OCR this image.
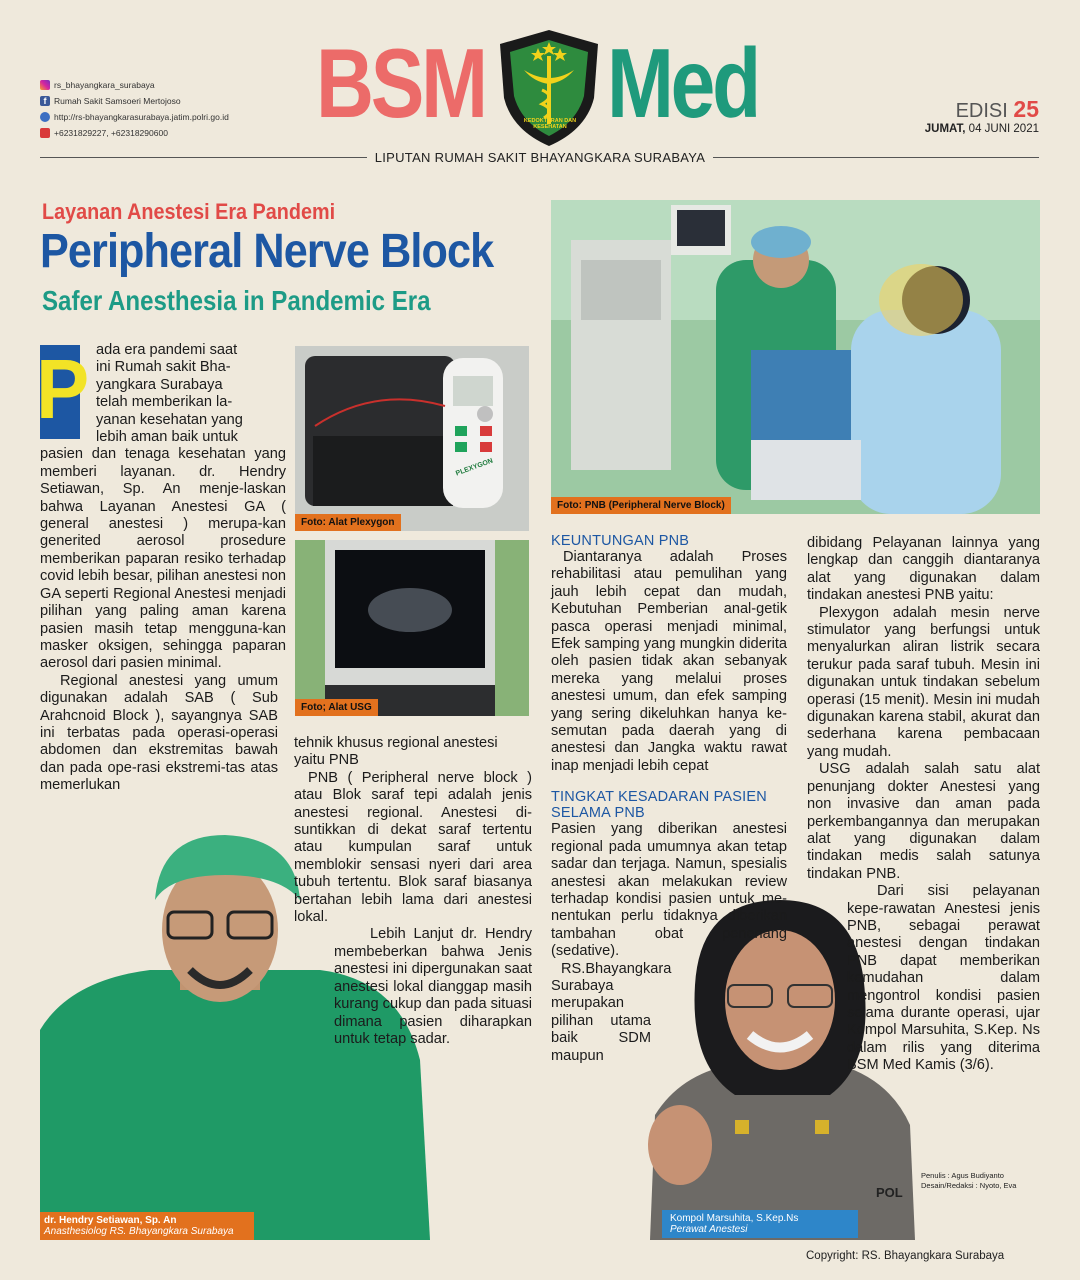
rs_bhayangkara_surabaya
f Rumah Sakit Samsoeri Mertojoso
http://rs-bhayangkarasurabaya.jatim.polri.go.id
+6231829227, +6231829060​0 BSM	KEDOKTERAN DAN KESEHATAN Med	EDISI 25
JUMAT, 04 JUNI 2021
LIPUTAN RUMAH SAKIT BHAYANGKARA SURABAYA
Layanan Anestesi Era Pandemi
Peripheral Nerve Block
Safer Anesthesia in Pandemic Era
Foto: PNB (Peripheral Nerve Block)
PLEXYGON
Foto: Alat Plexygon
Foto; Alat USG
dr. Hendry Setiawan, Sp. An
Anasthesiolog RS. Bhayangkara Surabaya
POL
Kompol Marsuhita, S.Kep.Ns
Perawat Anestesi
P ada era pandemi saat
ini Rumah sakit Bha-
yangkara Surabaya
telah memberikan la-
yanan kesehatan yang
lebih aman baik untuk

pasien dan tenaga kesehatan yang memberi layanan. dr. Hendry Setiawan, Sp. An menje-laskan bahwa Layanan Anestesi GA ( general anestesi ) merupa-kan generited aerosol prosedure memberikan paparan resiko terhadap covid lebih besar, pilihan anestesi non GA seperti Regional Anestesi menjadi pilihan yang paling aman karena pasien masih tetap mengguna-kan masker oksigen, sehingga paparan aerosol dari pasien minimal.

Regional anestesi yang umum digunakan adalah SAB ( Sub Arahcnoid Block ), sayangnya SAB ini terbatas pada operasi-operasi abdomen dan ekstremitas bawah dan pada ope-rasi ekstremi-tas atas memerlukan

tehnik khusus regional anestesi yaitu PNB

PNB ( Peripheral nerve block ) atau Blok saraf tepi adalah jenis anestesi regional. Anestesi di-suntikkan di dekat saraf tertentu atau kumpulan saraf untuk memblokir sensasi nyeri dari area tubuh tertentu. Blok saraf biasanya bertahan lebih lama dari anestesi lokal.

Lebih Lanjut dr. Hendry membeberkan bahwa Jenis anestesi ini dipergunakan saat anestesi lokal dianggap masih kurang cukup dan pada situasi dimana pasien diharapkan untuk tetap sadar.

KEUNTUNGAN PNB

Diantaranya adalah Proses rehabilitasi atau pemulihan yang jauh lebih cepat dan mudah, Kebutuhan Pemberian anal-getik pasca operasi menjadi minimal, Efek samping yang mungkin diderita oleh pasien tidak akan sebanyak mereka yang melalui proses anestesi umum, dan efek samping yang sering dikeluhkan hanya ke-semutan pada daerah yang di anestesi dan Jangka waktu rawat inap menjadi lebih cepat

TINGKAT KESADARAN PASIEN
SELAMA PNB

Pasien yang diberikan anestesi regional pada umumnya akan tetap sadar dan terjaga. Namun, spesialis anestesi akan melakukan review terhadap kondisi pasien untuk me-nentukan perlu tidaknya diberikan tambahan obat penenang (sedative).

RS.Bhayangkara Surabaya merupakan pilihan utama baik SDM maupun

dibidang Pelayanan lainnya yang lengkap dan canggih diantaranya alat yang digunakan dalam tindakan anestesi PNB yaitu:

Plexygon adalah mesin nerve stimulator yang berfungsi untuk menyalurkan aliran listrik secara terukur pada saraf tubuh. Mesin ini digunakan untuk tindakan sebelum operasi (15 menit). Mesin ini mudah digunakan karena stabil, akurat dan sederhana karena pembacaan yang mudah.

USG adalah salah satu alat penunjang dokter Anestesi yang non invasive dan aman pada perkembangannya dan merupakan alat yang digunakan dalam tindakan medis salah satunya tindakan PNB.

Dari sisi pelayanan kepe-rawatan Anestesi jenis PNB, sebagai perawat anestesi dengan tindakan PNB dapat memberikan kemudahan dalam mengontrol kondisi pasien selama durante operasi, ujar Kompol Marsuhita, S.Kep. Ns dalam rilis yang diterima BSM Med Kamis (3/6).

Penulis : Agus Budiyanto
Desain/Redaksi : Nyoto, Eva
Copyright: RS. Bhayangkara Surabaya
